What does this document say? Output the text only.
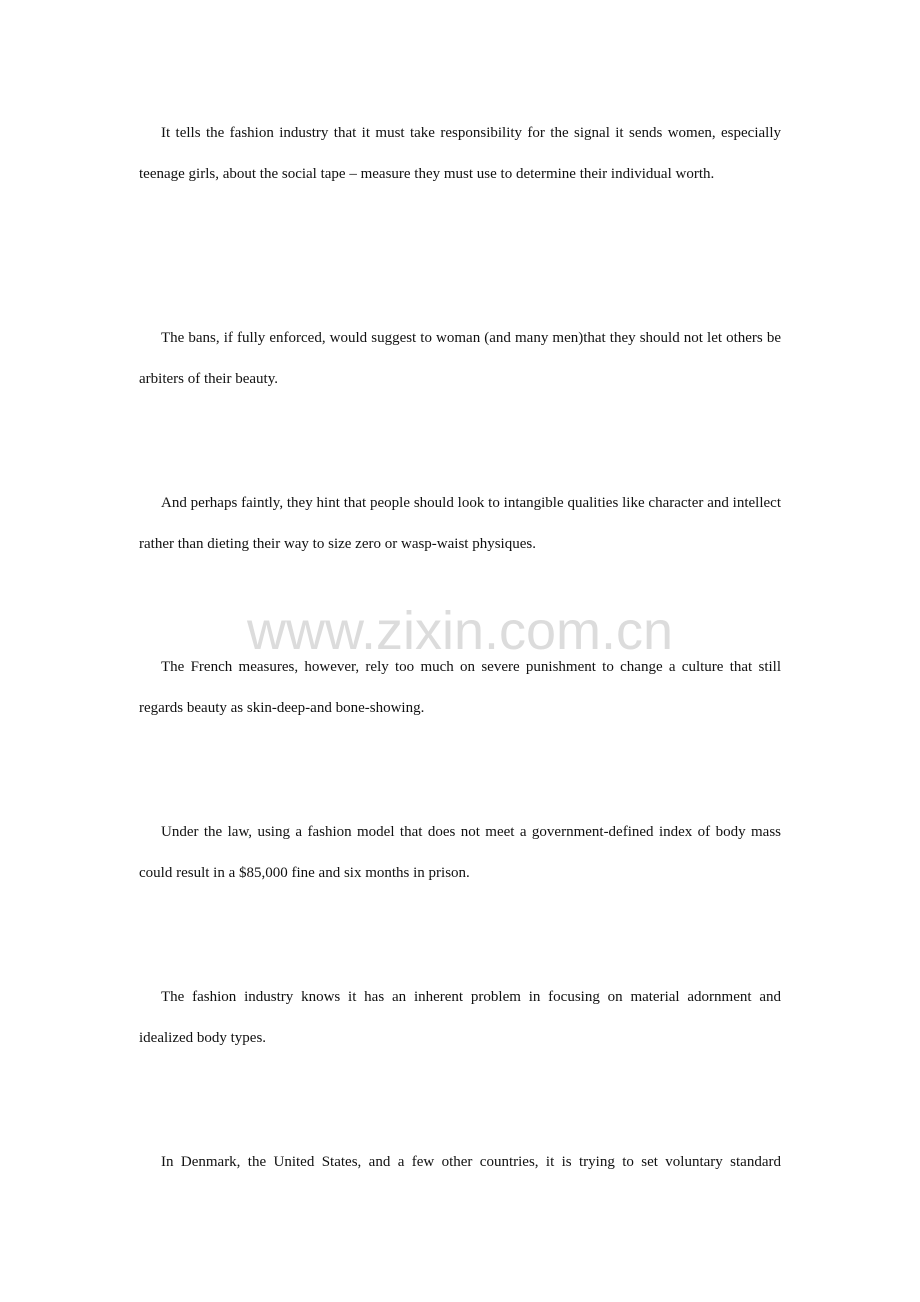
It tells the fashion industry that it must take responsibility for the signal it sends women, especially teenage girls, about the social tape – measure they must use to determine their individual worth.

The bans, if fully enforced, would suggest to woman (and many men)that they should not let others be arbiters of their beauty.

And perhaps faintly, they hint that people should look to intangible qualities like character and intellect rather than dieting their way to size zero or wasp-waist physiques.

www.zixin.com.cn

The French measures, however, rely too much on severe punishment to change a culture that still regards beauty as skin-deep-and bone-showing.

Under the law, using a fashion model that does not meet a government-defined index of body mass could result in a $85,000 fine and six months in prison.

The fashion industry knows it has an inherent problem in focusing on material adornment and idealized body types.

In Denmark, the United States, and a few other countries, it is trying to set voluntary standard
